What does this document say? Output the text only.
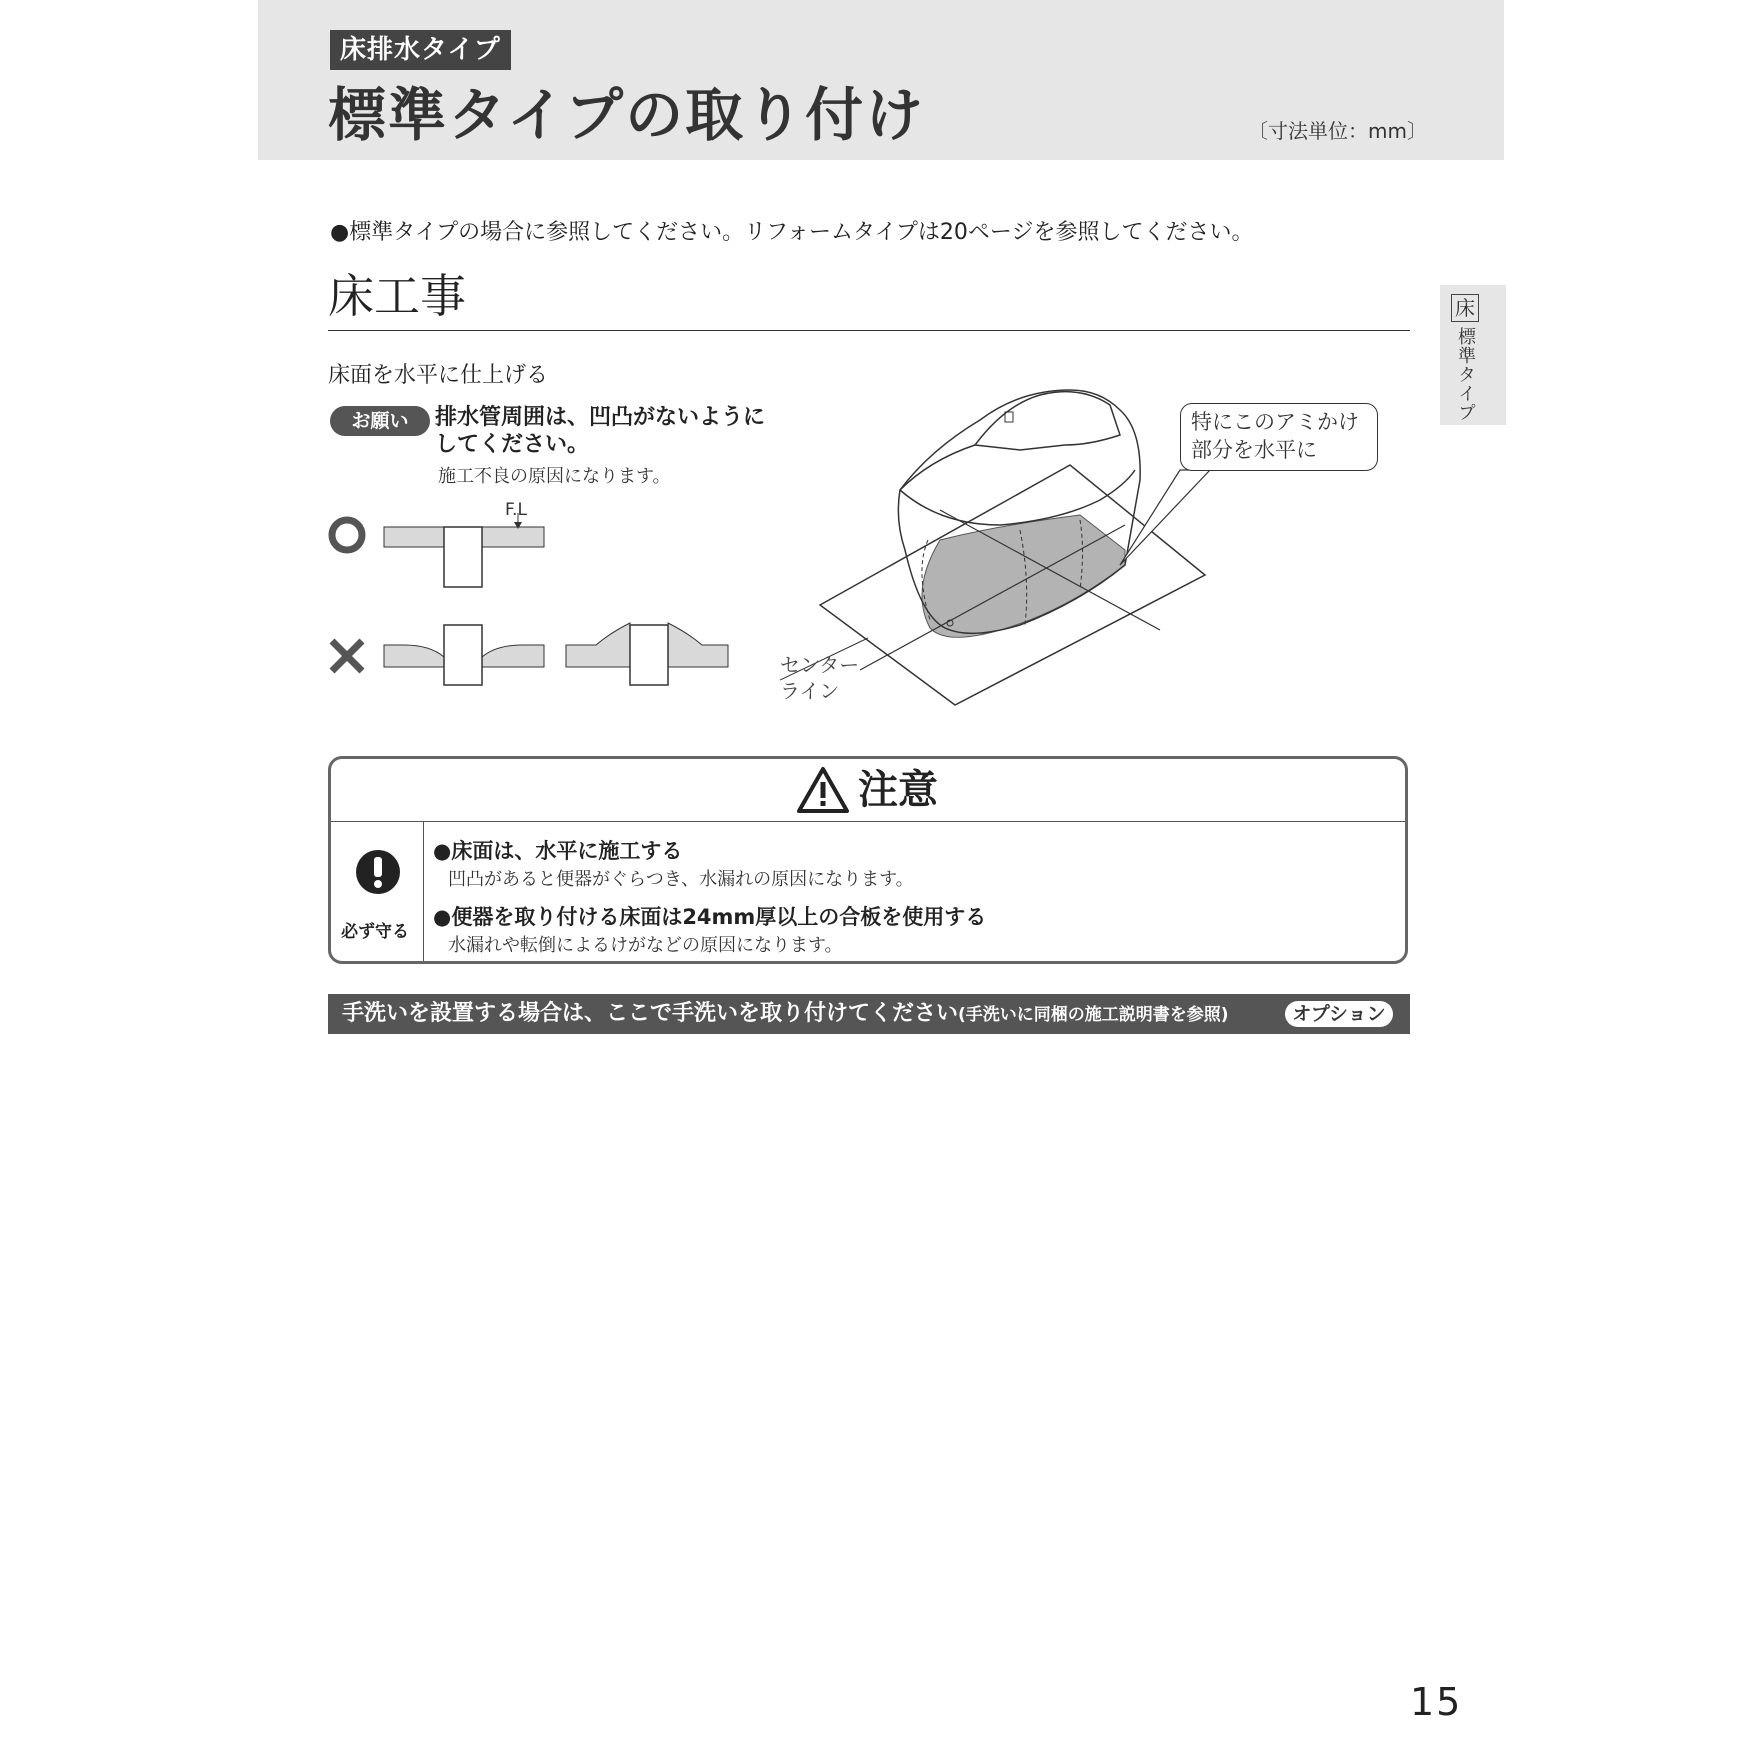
床排水タイプ
標準タイプの取り付け	〔寸法単位：mm〕
●標準タイプの場合に参照してください。リフォームタイプは20ページを参照してください。
床
標準タイプ
床工事
床面を水平に仕上げる
お願い	排水管周囲は、凹凸がないようにしてください。
施工不良の原因になります。
F.L
センター
ライン
特にこのアミかけ
部分を水平に
注意
必ず守る
●床面は、水平に施工する
凹凸があると便器がぐらつき、水漏れの原因になります。
●便器を取り付ける床面は24mm厚以上の合板を使用する
水漏れや転倒によるけがなどの原因になります。
手洗いを設置する場合は、ここで手洗いを取り付けてください(手洗いに同梱の施工説明書を参照)	オプション
15
